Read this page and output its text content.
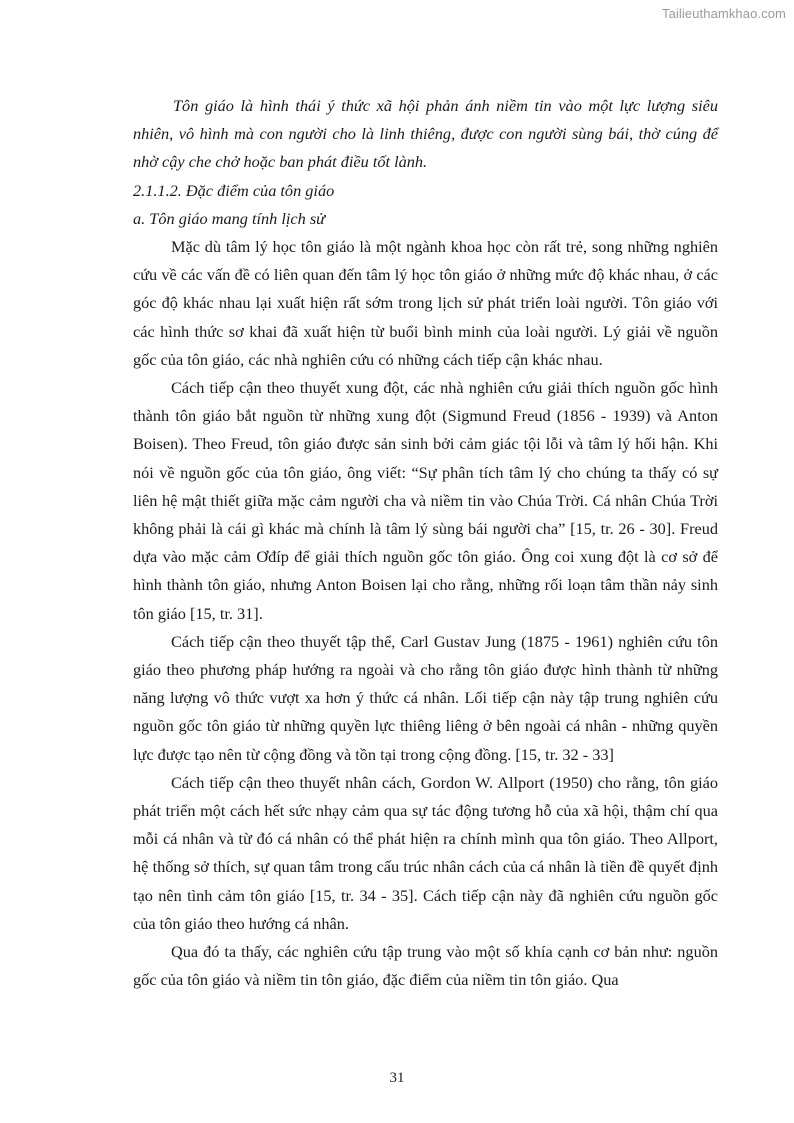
Tailieuthamkhao.com

Tôn giáo là hình thái ý thức xã hội phản ánh niềm tin vào một lực lượng siêu nhiên, vô hình mà con người cho là linh thiêng, được con người sùng bái, thờ cúng để nhờ cậy che chở hoặc ban phát điều tốt lành.

2.1.1.2. Đặc điểm của tôn giáo

a. Tôn giáo mang tính lịch sử

Mặc dù tâm lý học tôn giáo là một ngành khoa học còn rất trẻ, song những nghiên cứu về các vấn đề có liên quan đến tâm lý học tôn giáo ở những mức độ khác nhau, ở các góc độ khác nhau lại xuất hiện rất sớm trong lịch sử phát triển loài người. Tôn giáo với các hình thức sơ khai đã xuất hiện từ buổi bình minh của loài người. Lý giải về nguồn gốc của tôn giáo, các nhà nghiên cứu có những cách tiếp cận khác nhau.

Cách tiếp cận theo thuyết xung đột, các nhà nghiên cứu giải thích nguồn gốc hình thành tôn giáo bắt nguồn từ những xung đột (Sigmund Freud (1856 - 1939) và Anton Boisen). Theo Freud, tôn giáo được sản sinh bởi cảm giác tội lỗi và tâm lý hối hận. Khi nói về nguồn gốc của tôn giáo, ông viết: “Sự phân tích tâm lý cho chúng ta thấy có sự liên hệ mật thiết giữa mặc cảm người cha và niềm tin vào Chúa Trời. Cá nhân Chúa Trời không phải là cái gì khác mà chính là tâm lý sùng bái người cha” [15, tr. 26 - 30]. Freud dựa vào mặc cảm Ơđíp để giải thích nguồn gốc tôn giáo. Ông coi xung đột là cơ sở để hình thành tôn giáo, nhưng Anton Boisen lại cho rằng, những rối loạn tâm thần nảy sinh tôn giáo [15, tr. 31].

Cách tiếp cận theo thuyết tập thể, Carl Gustav Jung (1875 - 1961) nghiên cứu tôn giáo theo phương pháp hướng ra ngoài và cho rằng tôn giáo được hình thành từ những năng lượng vô thức vượt xa hơn ý thức cá nhân. Lối tiếp cận này tập trung nghiên cứu nguồn gốc tôn giáo từ những quyền lực thiêng liêng ở bên ngoài cá nhân - những quyền lực được tạo nên từ cộng đồng và tồn tại trong cộng đồng. [15, tr. 32 - 33]

Cách tiếp cận theo thuyết nhân cách, Gordon W. Allport (1950) cho rằng, tôn giáo phát triển một cách hết sức nhạy cảm qua sự tác động tương hỗ của xã hội, thậm chí qua mỗi cá nhân và từ đó cá nhân có thể phát hiện ra chính mình qua tôn giáo. Theo Allport, hệ thống sở thích, sự quan tâm trong cấu trúc nhân cách của cá nhân là tiền đề quyết định tạo nên tình cảm tôn giáo [15, tr. 34 - 35]. Cách tiếp cận này đã nghiên cứu nguồn gốc của tôn giáo theo hướng cá nhân.

Qua đó ta thấy, các nghiên cứu tập trung vào một số khía cạnh cơ bản như: nguồn gốc của tôn giáo và niềm tin tôn giáo, đặc điểm của niềm tin tôn giáo. Qua

31
